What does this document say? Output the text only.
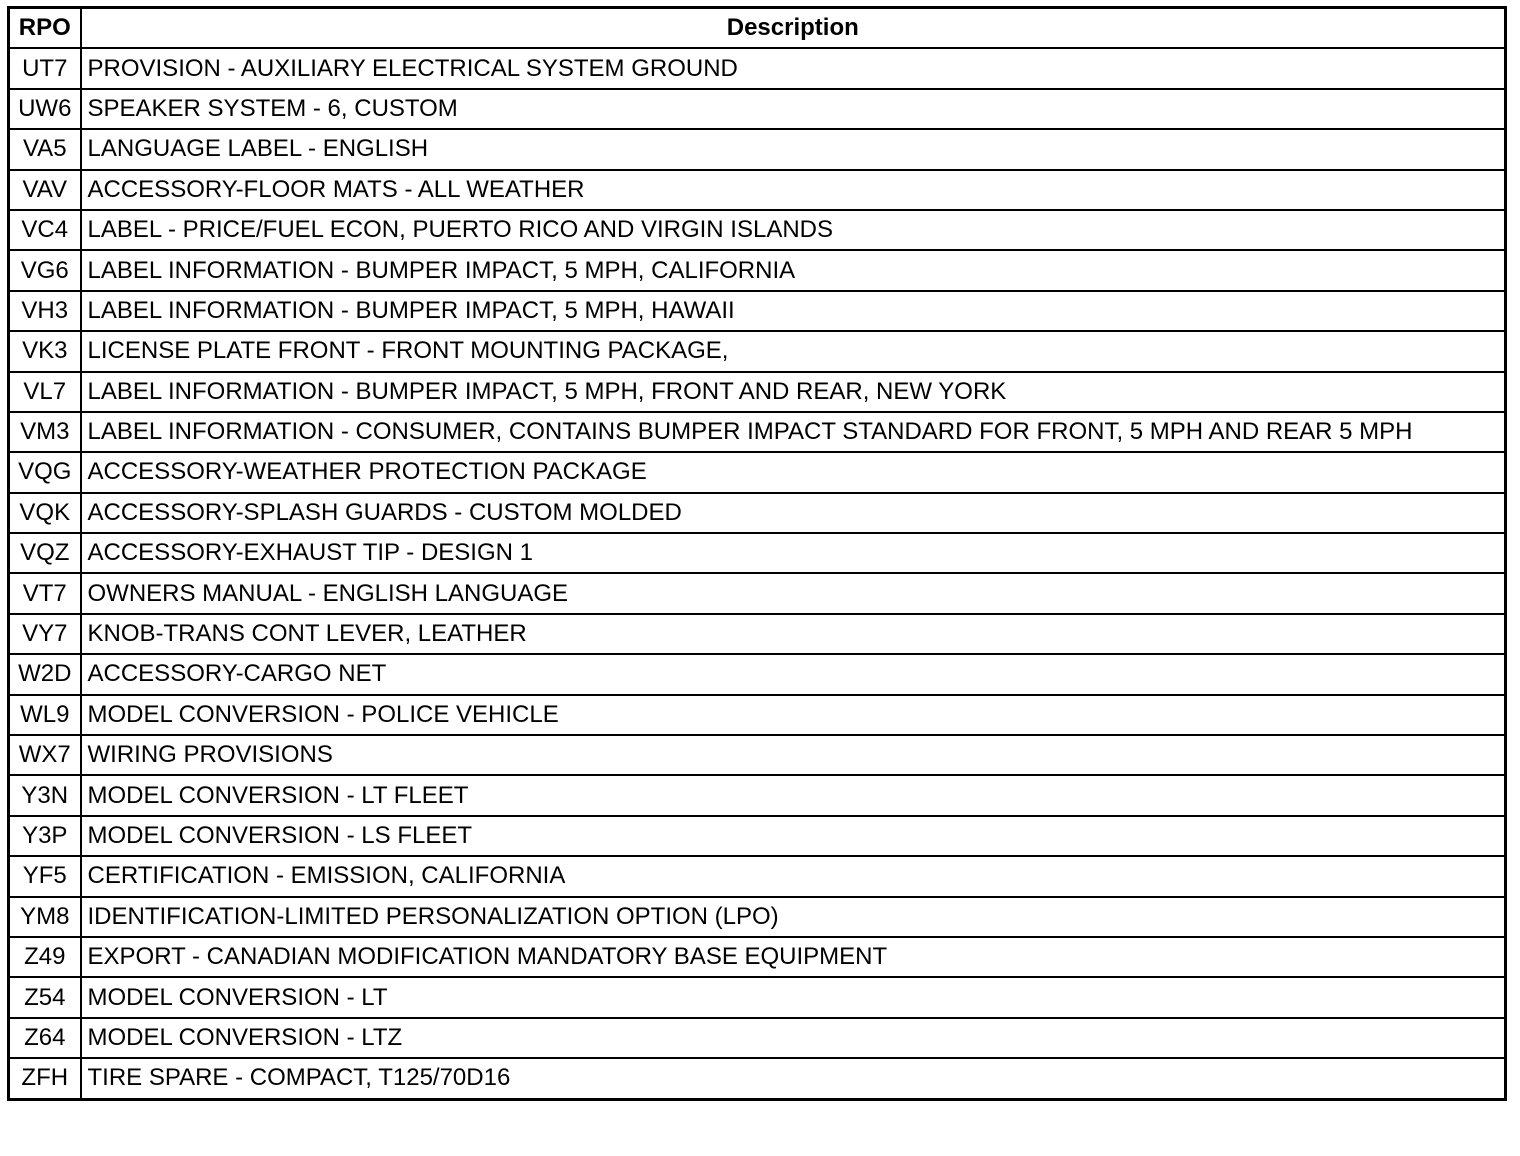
RPO	Description
UT7	PROVISION - AUXILIARY ELECTRICAL SYSTEM GROUND
UW6	SPEAKER SYSTEM - 6, CUSTOM
VA5	LANGUAGE LABEL - ENGLISH
VAV	ACCESSORY-FLOOR MATS - ALL WEATHER
VC4	LABEL - PRICE/FUEL ECON, PUERTO RICO AND VIRGIN ISLANDS
VG6	LABEL INFORMATION - BUMPER IMPACT, 5 MPH, CALIFORNIA
VH3	LABEL INFORMATION - BUMPER IMPACT, 5 MPH, HAWAII
VK3	LICENSE PLATE FRONT - FRONT MOUNTING PACKAGE,
VL7	LABEL INFORMATION - BUMPER IMPACT, 5 MPH, FRONT AND REAR, NEW YORK
VM3	LABEL INFORMATION - CONSUMER, CONTAINS BUMPER IMPACT STANDARD FOR FRONT, 5 MPH AND REAR 5 MPH
VQG	ACCESSORY-WEATHER PROTECTION PACKAGE
VQK	ACCESSORY-SPLASH GUARDS - CUSTOM MOLDED
VQZ	ACCESSORY-EXHAUST TIP - DESIGN 1
VT7	OWNERS MANUAL - ENGLISH LANGUAGE
VY7	KNOB-TRANS CONT LEVER, LEATHER
W2D	ACCESSORY-CARGO NET
WL9	MODEL CONVERSION - POLICE VEHICLE
WX7	WIRING PROVISIONS
Y3N	MODEL CONVERSION - LT FLEET
Y3P	MODEL CONVERSION - LS FLEET
YF5	CERTIFICATION - EMISSION, CALIFORNIA
YM8	IDENTIFICATION-LIMITED PERSONALIZATION OPTION (LPO)
Z49	EXPORT - CANADIAN MODIFICATION MANDATORY BASE EQUIPMENT
Z54	MODEL CONVERSION - LT
Z64	MODEL CONVERSION - LTZ
ZFH	TIRE SPARE - COMPACT, T125/70D16
